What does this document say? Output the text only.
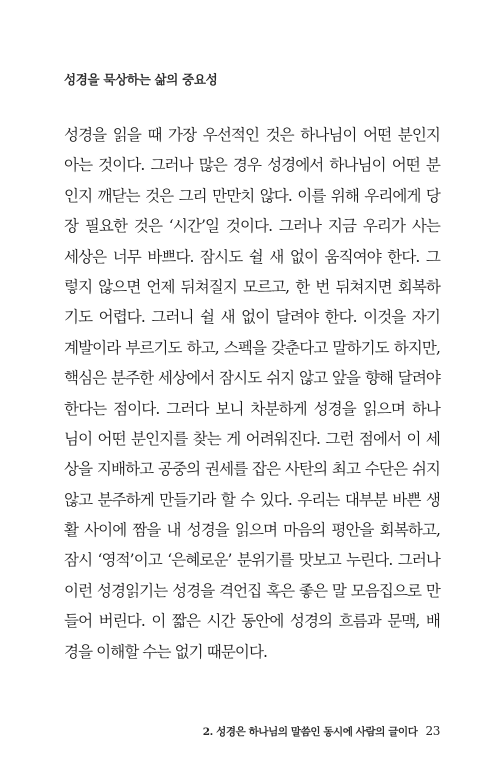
성경을 묵상하는 삶의 중요성
성경을 읽을 때 가장 우선적인 것은 하나님이 어떤 분인지
아는 것이다. 그러나 많은 경우 성경에서 하나님이 어떤 분
인지 깨닫는 것은 그리 만만치 않다. 이를 위해 우리에게 당
장 필요한 것은 ‘시간’일 것이다. 그러나 지금 우리가 사는
세상은 너무 바쁘다. 잠시도 쉴 새 없이 움직여야 한다. 그
렇지 않으면 언제 뒤쳐질지 모르고, 한 번 뒤쳐지면 회복하
기도 어렵다. 그러니 쉴 새 없이 달려야 한다. 이것을 자기
계발이라 부르기도 하고, 스펙을 갖춘다고 말하기도 하지만,
핵심은 분주한 세상에서 잠시도 쉬지 않고 앞을 향해 달려야
한다는 점이다. 그러다 보니 차분하게 성경을 읽으며 하나
님이 어떤 분인지를 찾는 게 어려워진다. 그런 점에서 이 세
상을 지배하고 공중의 권세를 잡은 사탄의 최고 수단은 쉬지
않고 분주하게 만들기라 할 수 있다. 우리는 대부분 바쁜 생
활 사이에 짬을 내 성경을 읽으며 마음의 평안을 회복하고,
잠시 ‘영적’이고 ‘은혜로운’ 분위기를 맛보고 누린다. 그러나
이런 성경읽기는 성경을 격언집 혹은 좋은 말 모음집으로 만
들어 버린다. 이 짧은 시간 동안에 성경의 흐름과 문맥, 배
경을 이해할 수는 없기 때문이다.
2. 성경은 하나님의 말씀인 동시에 사람의 글이다 23
